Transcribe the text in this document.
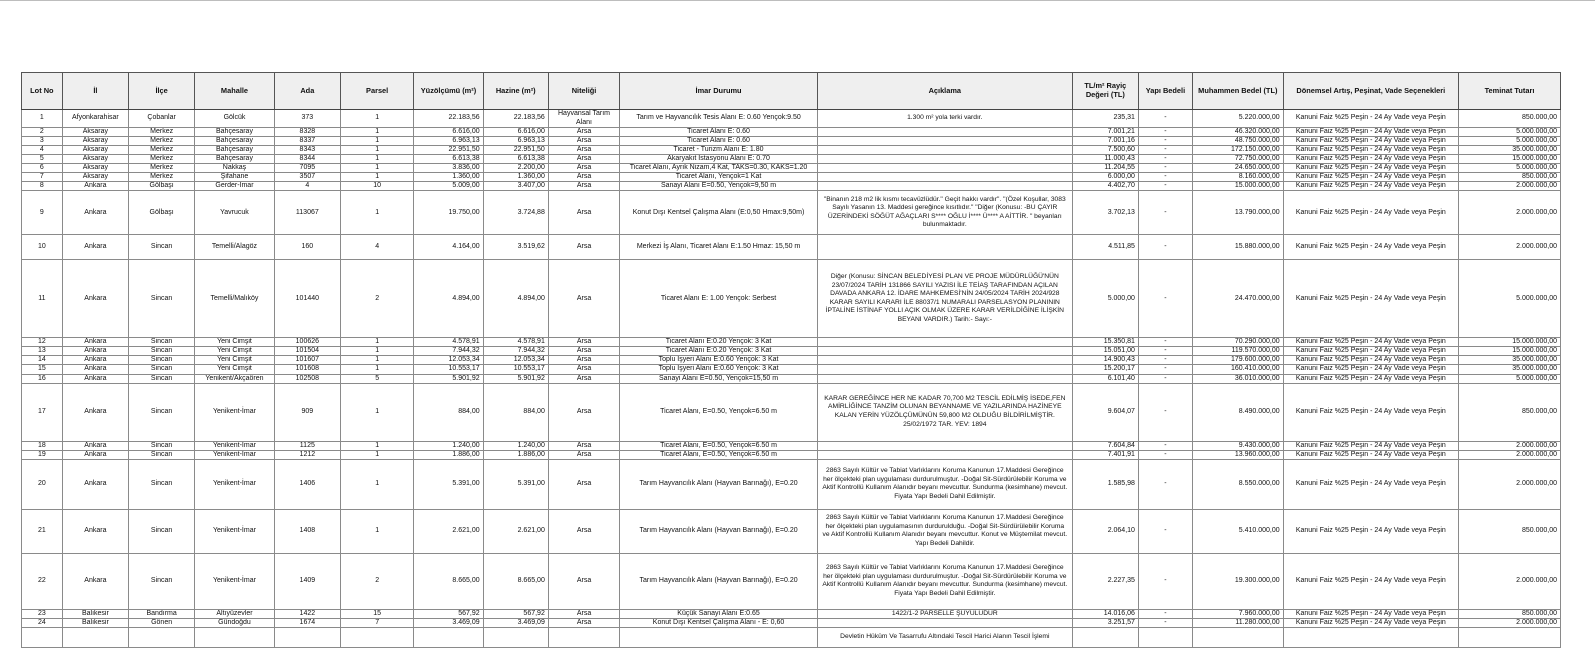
Lot No	İl	İlçe	Mahalle	Ada	Parsel	Yüzölçümü (m²)	Hazine (m²)	Niteliği	İmar Durumu	Açıklama	TL/m² Rayiç Değeri (TL)	Yapı Bedeli	Muhammen Bedel (TL)	Dönemsel Artış, Peşinat, Vade Seçenekleri	Teminat Tutarı
1	Afyonkarahisar	Çobanlar	Gölcük	373	1	22.183,56	22.183,56	Hayvansal Tarım Alanı	Tarım ve Hayvancılık Tesis Alanı E: 0.60 Yençok:9.50	1.300 m² yola terki vardır.	235,31	-	5.220.000,00	Kanuni Faiz %25 Peşin - 24 Ay Vade veya Peşin	850.000,00
2	Aksaray	Merkez	Bahçesaray	8328	1	6.616,00	6.616,00	Arsa	Ticaret Alanı E: 0.60		7.001,21	-	46.320.000,00	Kanuni Faiz %25 Peşin - 24 Ay Vade veya Peşin	5.000.000,00
3	Aksaray	Merkez	Bahçesaray	8337	1	6.963,13	6.963,13	Arsa	Ticaret Alanı E: 0.60		7.001,16	-	48.750.000,00	Kanuni Faiz %25 Peşin - 24 Ay Vade veya Peşin	5.000.000,00
4	Aksaray	Merkez	Bahçesaray	8343	1	22.951,50	22.951,50	Arsa	Ticaret - Turizm Alanı E: 1.80		7.500,60	-	172.150.000,00	Kanuni Faiz %25 Peşin - 24 Ay Vade veya Peşin	35.000.000,00
5	Aksaray	Merkez	Bahçesaray	8344	1	6.613,38	6.613,38	Arsa	Akaryakıt İstasyonu Alanı E: 0.70		11.000,43	-	72.750.000,00	Kanuni Faiz %25 Peşin - 24 Ay Vade veya Peşin	15.000.000,00
6	Aksaray	Merkez	Nakkaş	7095	1	3.836,00	2.200,00	Arsa	Ticaret Alanı, Ayrık Nizam,4 Kat, TAKS=0.30, KAKS=1.20		11.204,55	-	24.650.000,00	Kanuni Faiz %25 Peşin - 24 Ay Vade veya Peşin	5.000.000,00
7	Aksaray	Merkez	Şifahane	3507	1	1.360,00	1.360,00	Arsa	Ticaret Alanı, Yençok=1 Kat		6.000,00	-	8.160.000,00	Kanuni Faiz %25 Peşin - 24 Ay Vade veya Peşin	850.000,00
8	Ankara	Gölbaşı	Gerder-İmar	4	10	5.009,00	3.407,00	Arsa	Sanayi Alanı E=0.50, Yençok=9,50 m		4.402,70	-	15.000.000,00	Kanuni Faiz %25 Peşin - 24 Ay Vade veya Peşin	2.000.000,00
9	Ankara	Gölbaşı	Yavrucuk	113067	1	19.750,00	3.724,88	Arsa	Konut Dışı Kentsel Çalışma Alanı (E:0,50 Hmax:9,50m)	"Binanın 218 m2 lik kısmı tecavüzlüdür." Geçit hakkı vardır". "(Özel Koşullar, 3083 Sayılı Yasanın 13. Maddesi gereğince kısıtlıdır." "Diğer (Konusu: -BU ÇAYIR ÜZERİNDEKİ SÖĞÜT AĞAÇLARI S**** OĞLU İ**** Ü**** A AİTTİR. " beyanları bulunmaktadır.	3.702,13	-	13.790.000,00	Kanuni Faiz %25 Peşin - 24 Ay Vade veya Peşin	2.000.000,00
10	Ankara	Sincan	Temelli/Alagöz	160	4	4.164,00	3.519,62	Arsa	Merkezi İş Alanı, Ticaret Alanı E:1.50 Hmaz: 15,50 m		4.511,85	-	15.880.000,00	Kanuni Faiz %25 Peşin - 24 Ay Vade veya Peşin	2.000.000,00
11	Ankara	Sincan	Temelli/Malıköy	101440	2	4.894,00	4.894,00	Arsa	Ticaret Alanı E: 1.00 Yençok: Serbest	Diğer (Konusu: SİNCAN BELEDİYESİ PLAN VE PROJE MÜDÜRLÜĞÜ'NÜN 23/07/2024 TARİH 131866 SAYILI YAZISI İLE TEİAŞ TARAFINDAN AÇILAN DAVADA ANKARA 12. İDARE MAHKEMESİ'NİN 24/05/2024 TARİH 2024/928 KARAR SAYILI KARARI İLE 88037/1 NUMARALI PARSELASYON PLANININ İPTALİNE İSTİNAF YOLLI AÇIK OLMAK ÜZERE KARAR VERİLDİĞİNE İLİŞKİN BEYANI VARDIR.) Tarih:- Sayı:-	5.000,00	-	24.470.000,00	Kanuni Faiz %25 Peşin - 24 Ay Vade veya Peşin	5.000.000,00
12	Ankara	Sincan	Yeni Cimşit	100626	1	4.578,91	4.578,91	Arsa	Ticaret Alanı E:0.20 Yençok: 3 Kat		15.350,81	-	70.290.000,00	Kanuni Faiz %25 Peşin - 24 Ay Vade veya Peşin	15.000.000,00
13	Ankara	Sincan	Yeni Cimşit	101504	1	7.944,32	7.944,32	Arsa	Ticaret Alanı E:0.20 Yençok: 3 Kat		15.051,00	-	119.570.000,00	Kanuni Faiz %25 Peşin - 24 Ay Vade veya Peşin	15.000.000,00
14	Ankara	Sincan	Yeni Cimşit	101607	1	12.053,34	12.053,34	Arsa	Toplu İşyeri Alanı E:0.60 Yençok: 3 Kat		14.900,43	-	179.600.000,00	Kanuni Faiz %25 Peşin - 24 Ay Vade veya Peşin	35.000.000,00
15	Ankara	Sincan	Yeni Cimşit	101608	1	10.553,17	10.553,17	Arsa	Toplu İşyeri Alanı E:0.60 Yençok: 3 Kat		15.200,17	-	160.410.000,00	Kanuni Faiz %25 Peşin - 24 Ay Vade veya Peşin	35.000.000,00
16	Ankara	Sincan	Yenikent/Akçaören	102508	5	5.901,92	5.901,92	Arsa	Sanayi Alanı E=0.50, Yençok=15,50 m		6.101,40	-	36.010.000,00	Kanuni Faiz %25 Peşin - 24 Ay Vade veya Peşin	5.000.000,00
17	Ankara	Sincan	Yenikent-İmar	909	1	884,00	884,00	Arsa	Ticaret Alanı, E=0.50, Yençok=6.50 m	KARAR GEREĞİNCE HER NE KADAR 70,700 M2 TESCİL EDİLMİŞ İSEDE,FEN AMİRLİĞİNCE TANZİM OLUNAN BEYANNAME VE YAZILARINDA HAZİNEYE KALAN YERİN YÜZÖLÇÜMÜNÜN 59,800 M2 OLDUĞU BİLDİRİLMİŞTİR. 25/02/1972 TAR. YEV: 1894	9.604,07	-	8.490.000,00	Kanuni Faiz %25 Peşin - 24 Ay Vade veya Peşin	850.000,00
18	Ankara	Sincan	Yenikent-İmar	1125	1	1.240,00	1.240,00	Arsa	Ticaret Alanı, E=0.50, Yençok=6.50 m		7.604,84	-	9.430.000,00	Kanuni Faiz %25 Peşin - 24 Ay Vade veya Peşin	2.000.000,00
19	Ankara	Sincan	Yenikent-İmar	1212	1	1.886,00	1.886,00	Arsa	Ticaret Alanı, E=0.50, Yençok=6.50 m		7.401,91	-	13.960.000,00	Kanuni Faiz %25 Peşin - 24 Ay Vade veya Peşin	2.000.000,00
20	Ankara	Sincan	Yenikent-İmar	1406	1	5.391,00	5.391,00	Arsa	Tarım Hayvancılık Alanı (Hayvan Barınağı), E=0.20	2863 Sayılı Kültür ve Tabiat Varlıklarını Koruma Kanunun 17.Maddesi Gereğince her ölçekteki plan uygulaması durdurulmuştur. -Doğal Sit-Sürdürülebilir Koruma ve Aktif Kontrollü Kullanım Alanıdır beyanı mevcuttur. Sundurma (kesimhane) mevcut. Fiyata Yapı Bedeli Dahil Edilmiştir.	1.585,98	-	8.550.000,00	Kanuni Faiz %25 Peşin - 24 Ay Vade veya Peşin	2.000.000,00
21	Ankara	Sincan	Yenikent-İmar	1408	1	2.621,00	2.621,00	Arsa	Tarım Hayvancılık Alanı (Hayvan Barınağı), E=0.20	2863 Sayılı Kültür ve Tabiat Varlıklarını Koruma Kanunun 17.Maddesi Gereğince her ölçekteki plan uygulamasının durdurulduğu. -Doğal Sit-Sürdürülebilir Koruma ve Aktif Kontrollü Kullanım Alanıdır beyanı mevcuttur. Konut ve Müştemilat mevcut. Yapı Bedeli Dahildir.	2.064,10	-	5.410.000,00	Kanuni Faiz %25 Peşin - 24 Ay Vade veya Peşin	850.000,00
22	Ankara	Sincan	Yenikent-İmar	1409	2	8.665,00	8.665,00	Arsa	Tarım Hayvancılık Alanı (Hayvan Barınağı), E=0.20	2863 Sayılı Kültür ve Tabiat Varlıklarını Koruma Kanunun 17.Maddesi Gereğince her ölçekteki plan uygulaması durdurulmuştur. -Doğal Sit-Sürdürülebilir Koruma ve Aktif Kontrollü Kullanım Alanıdır beyanı mevcuttur. Sundurma (kesimhane) mevcut. Fiyata Yapı Bedeli Dahil Edilmiştir.	2.227,35	-	19.300.000,00	Kanuni Faiz %25 Peşin - 24 Ay Vade veya Peşin	2.000.000,00
23	Balıkesir	Bandırma	Altıyüzevler	1422	15	567,92	567,92	Arsa	Küçük Sanayi Alanı E:0.65	1422/1-2 PARSELLE ŞUYULUDUR	14.016,06	-	7.960.000,00	Kanuni Faiz %25 Peşin - 24 Ay Vade veya Peşin	850.000,00
24	Balıkesir	Gönen	Gündoğdu	1674	7	3.469,09	3.469,09	Arsa	Konut Dışı Kentsel Çalışma Alanı - E: 0,60		3.251,57	-	11.280.000,00	Kanuni Faiz %25 Peşin - 24 Ay Vade veya Peşin	2.000.000,00
										Devletin Hüküm Ve Tasarrufu Altındaki Tescil Harici Alanın Tescil İşlemi					
